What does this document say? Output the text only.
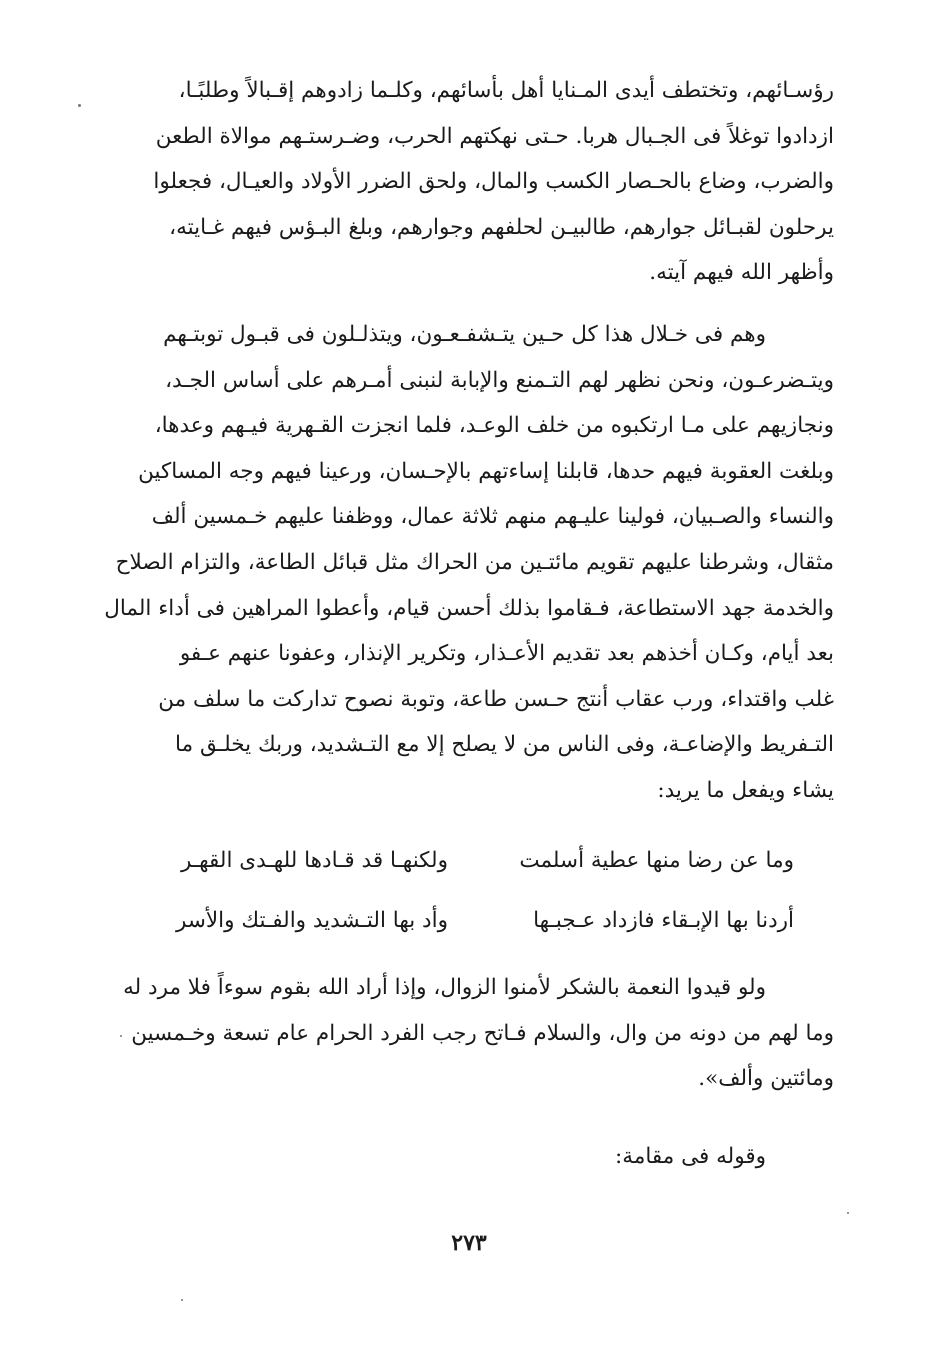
رؤسـائهم، وتختطف أيدى المـنايا أهل بأسائهم، وكلـما زادوهم إقـبالاً وطلبًـا،
ازدادوا توغلاً فى الجـبال هربا. حـتى نهكتهم الحرب، وضـرستـهم موالاة الطعن
والضرب، وضاع بالحـصار الكسب والمال، ولحق الضرر الأولاد والعيـال، فجعلوا
يرحلون لقبـائل جوارهم، طالبيـن لحلفهم وجوارهم، وبلغ البـؤس فيهم غـايته،
وأظهر الله فيهم آيته.
وهم فى خـلال هذا كل حـين يتـشفـعـون، ويتذلـلون فى قبـول توبتـهم
ويتـضرعـون، ونحن نظهر لهم التـمنع والإبابة لنبنى أمـرهم على أساس الجـد،
ونجازيهم على مـا ارتكبوه من خلف الوعـد، فلما انجزت القـهرية فيـهم وعدها،
وبلغت العقوبة فيهم حدها، قابلنا إساءتهم بالإحـسان، ورعينا فيهم وجه المساكين
والنساء والصـبيان، فولينا عليـهم منهم ثلاثة عمال، ووظفنا عليهم خـمسين ألف
مثقال، وشرطنا عليهم تقويم مائتـين من الحراك مثل قبائل الطاعة، والتزام الصلاح
والخدمة جهد الاستطاعة، فـقاموا بذلك أحسن قيام، وأعطوا المراهين فى أداء المال
بعد أيام، وكـان أخذهم بعد تقديم الأعـذار، وتكرير الإنذار، وعفونا عنهم عـفو
غلب واقتداء، ورب عقاب أنتج حـسن طاعة، وتوبة نصوح تداركت ما سلف من
التـفريط والإضاعـة، وفى الناس من لا يصلح إلا مع التـشديد، وربك يخلـق ما
يشاء ويفعل ما يريد:
وما عن رضا منها عطية أسلمت
ولكنهـا قد قـادها للهـدى القهـر
أردنا بها الإبـقاء فازداد عـجبـها
وأد بها التـشديد والفـتك والأسر
ولو قيدوا النعمة بالشكر لأمنوا الزوال، وإذا أراد الله بقوم سوءاً فلا مرد له
وما لهم من دونه من وال، والسلام فـاتح رجب الفرد الحرام عام تسعة وخـمسين
ومائتين وألف».
وقوله فى مقامة:
٢٧٣
